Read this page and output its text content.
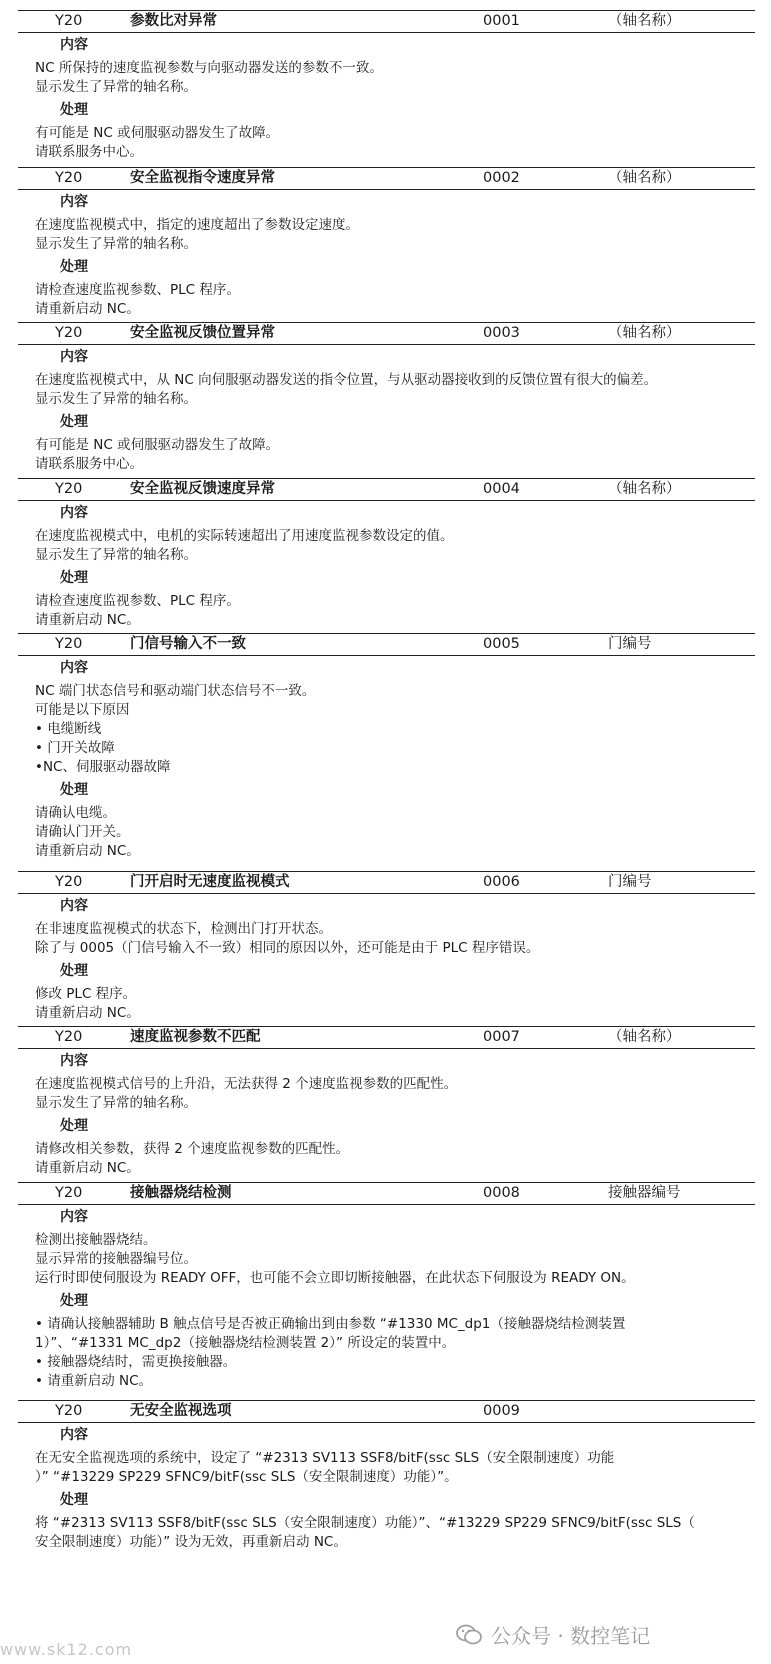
Y20	参数比对异常	0001	（轴名称）
内容
NC 所保持的速度监视参数与向驱动器发送的参数不一致。
显示发生了异常的轴名称。
处理
有可能是 NC 或伺服驱动器发生了故障。
请联系服务中心。
Y20	安全监视指令速度异常	0002	（轴名称）
内容
在速度监视模式中，指定的速度超出了参数设定速度。
显示发生了异常的轴名称。
处理
请检查速度监视参数、PLC 程序。
请重新启动 NC。
Y20	安全监视反馈位置异常	0003	（轴名称）
内容
在速度监视模式中，从 NC 向伺服驱动器发送的指令位置，与从驱动器接收到的反馈位置有很大的偏差。
显示发生了异常的轴名称。
处理
有可能是 NC 或伺服驱动器发生了故障。
请联系服务中心。
Y20	安全监视反馈速度异常	0004	（轴名称）
内容
在速度监视模式中，电机的实际转速超出了用速度监视参数设定的值。
显示发生了异常的轴名称。
处理
请检查速度监视参数、PLC 程序。
请重新启动 NC。
Y20	门信号输入不一致	0005	门编号
内容
NC 端门状态信号和驱动端门状态信号不一致。
可能是以下原因
• 电缆断线
• 门开关故障
•NC、伺服驱动器故障
处理
请确认电缆。
请确认门开关。
请重新启动 NC。
Y20	门开启时无速度监视模式	0006	门编号
内容
在非速度监视模式的状态下，检测出门打开状态。
除了与 0005（门信号输入不一致）相同的原因以外，还可能是由于 PLC 程序错误。
处理
修改 PLC 程序。
请重新启动 NC。
Y20	速度监视参数不匹配	0007	（轴名称）
内容
在速度监视模式信号的上升沿，无法获得 2 个速度监视参数的匹配性。
显示发生了异常的轴名称。
处理
请修改相关参数，获得 2 个速度监视参数的匹配性。
请重新启动 NC。
Y20	接触器烧结检测	0008	接触器编号
内容
检测出接触器烧结。
显示异常的接触器编号位。
运行时即使伺服设为 READY OFF，也可能不会立即切断接触器，在此状态下伺服设为 READY ON。
处理
• 请确认接触器辅助 B 触点信号是否被正确输出到由参数 “#1330 MC_dp1（接触器烧结检测装置
1）”、“#1331 MC_dp2（接触器烧结检测装置 2）” 所设定的装置中。
• 接触器烧结时，需更换接触器。
• 请重新启动 NC。
Y20	无安全监视选项	0009
内容
在无安全监视选项的系统中，设定了 “#2313 SV113 SSF8/bitF(ssc SLS（安全限制速度）功能
）” “#13229 SP229 SFNC9/bitF(ssc SLS（安全限制速度）功能）”。
处理
将 “#2313 SV113 SSF8/bitF(ssc SLS（安全限制速度）功能）”、“#13229 SP229 SFNC9/bitF(ssc SLS（
安全限制速度）功能）” 设为无效，再重新启动 NC。
www.sk12.com
公众号 · 数控笔记
